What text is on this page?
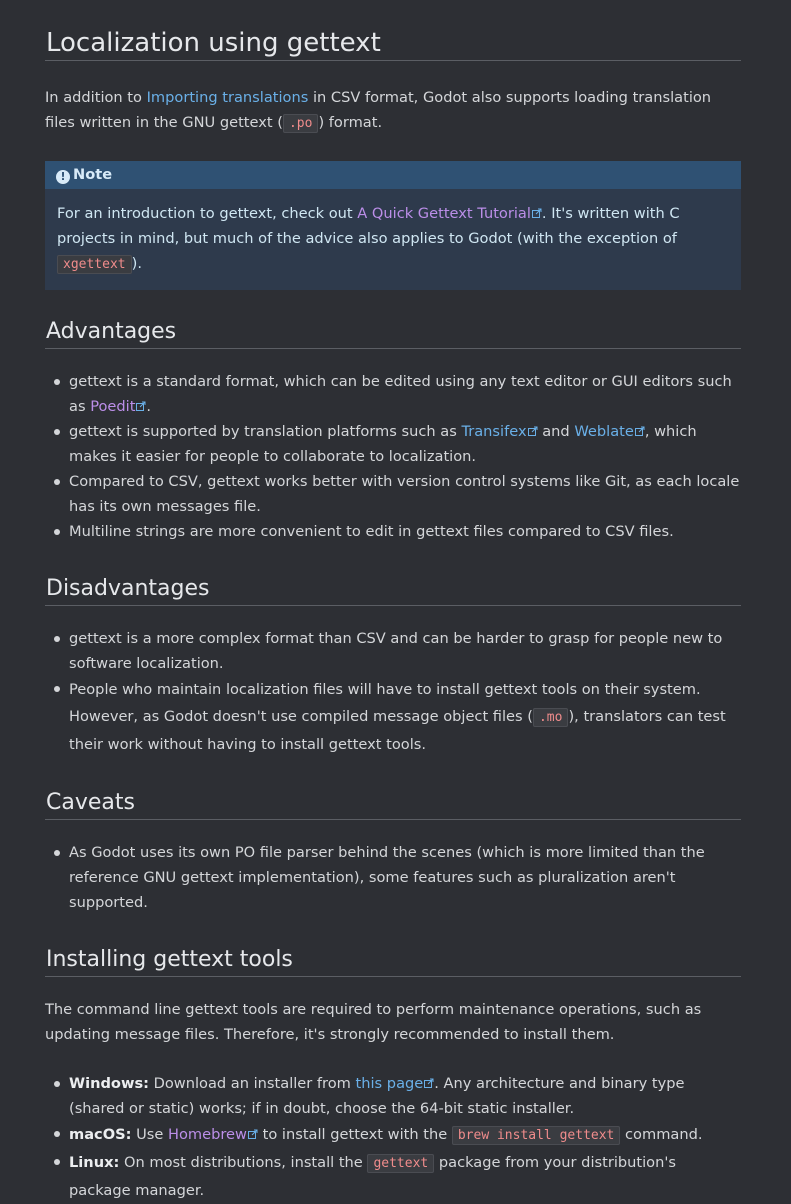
Localization using gettext

In addition to Importing translations in CSV format, Godot also supports loading translation files written in the GNU gettext ( .po ) format.

! Note
For an introduction to gettext, check out A Quick Gettext Tutorial . It's written with C projects in mind, but much of the advice also applies to Godot (with the exception of xgettext ).
Advantages
gettext is a standard format, which can be edited using any text editor or GUI editors such as Poedit .
gettext is supported by translation platforms such as Transifex and Weblate , which makes it easier for people to collaborate to localization.
Compared to CSV, gettext works better with version control systems like Git, as each locale has its own messages file.
Multiline strings are more convenient to edit in gettext files compared to CSV files.
Disadvantages
gettext is a more complex format than CSV and can be harder to grasp for people new to software localization.
People who maintain localization files will have to install gettext tools on their system. However, as Godot doesn't use compiled message object files ( .mo ), translators can test their work without having to install gettext tools.
Caveats
As Godot uses its own PO file parser behind the scenes (which is more limited than the reference GNU gettext implementation), some features such as pluralization aren't supported.
Installing gettext tools

The command line gettext tools are required to perform maintenance operations, such as updating message files. Therefore, it's strongly recommended to install them.

Windows: Download an installer from this page . Any architecture and binary type (shared or static) works; if in doubt, choose the 64-bit static installer.
macOS: Use Homebrew to install gettext with the brew install gettext command.
Linux: On most distributions, install the gettext package from your distribution's package manager.
